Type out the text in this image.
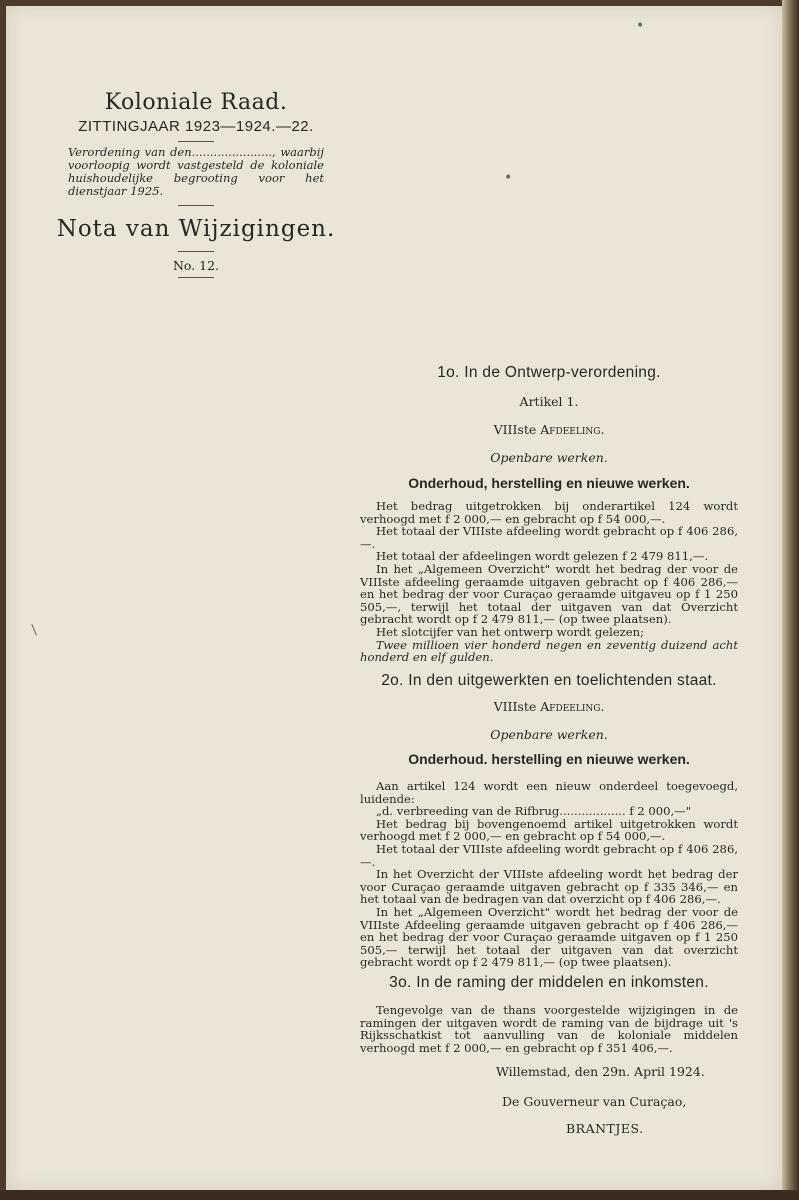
Koloniale Raad.
ZITTINGJAAR 1923—1924.—22.
Verordening van den......................, waarbij voorloopig wordt vastgesteld de koloniale huishoudelijke begrooting voor het dienstjaar 1925.
Nota van Wijzigingen.
No. 12.
•
•
/
1o. In de Ontwerp-verordening.
Artikel 1.
VIIIste Afdeeling.
Openbare werken.
Onderhoud, herstelling en nieuwe werken.

Het bedrag uitgetrokken bij onderartikel 124 wordt verhoogd met f 2 000,— en gebracht op f 54 000,—.

Het totaal der VIIIste afdeeling wordt gebracht op f 406 286,—.

Het totaal der afdeelingen wordt gelezen f 2 479 811,—.

In het „Algemeen Overzicht" wordt het bedrag der voor de VIIIste afdeeling geraamde uitgaven gebracht op f 406 286,— en het bedrag der voor Curaçao geraamde uitgaveu op f 1 250 505,—, terwijl het totaal der uitgaven van dat Overzicht gebracht wordt op f 2 479 811,— (op twee plaatsen).

Het slotcijfer van het ontwerp wordt gelezen;

Twee millioen vier honderd negen en zeventig duizend acht honderd en elf gulden.

2o. In den uitgewerkten en toelichtenden staat.
VIIIste Afdeeling.
Openbare werken.
Onderhoud. herstelling en nieuwe werken.

Aan artikel 124 wordt een nieuw onderdeel toegevoegd, luidende:

„d. verbreeding van de Rifbrug.................. f 2 000,—"

Het bedrag bij bovengenoemd artikel uitgetrokken wordt verhoogd met f 2 000,— en gebracht op f 54 000,—.

Het totaal der VIIIste afdeeling wordt gebracht op f 406 286,—.

In het Overzicht der VIIIste afdeeling wordt het bedrag der voor Curaçao geraamde uitgaven gebracht op f 335 346,— en het totaal van de bedragen van dat overzicht op f 406 286,—.

In het „Algemeen Overzicht" wordt het bedrag der voor de VIIIste Afdeeling geraamde uitgaven gebracht op f 406 286,— en het bedrag der voor Curaçao geraamde uitgaven op f 1 250 505,— terwijl het totaal der uitgaven van dat overzicht gebracht wordt op f 2 479 811,— (op twee plaatsen).

3o. In de raming der middelen en inkomsten.

Tengevolge van de thans voorgestelde wijzigingen in de ramingen der uitgaven wordt de raming van de bijdrage uit 's Rijksschatkist tot aanvulling van de koloniale middelen verhoogd met f 2 000,— en gebracht op f 351 406,—.

Willemstad, den 29n. April 1924.
De Gouverneur van Curaçao,
BRANTJES.
